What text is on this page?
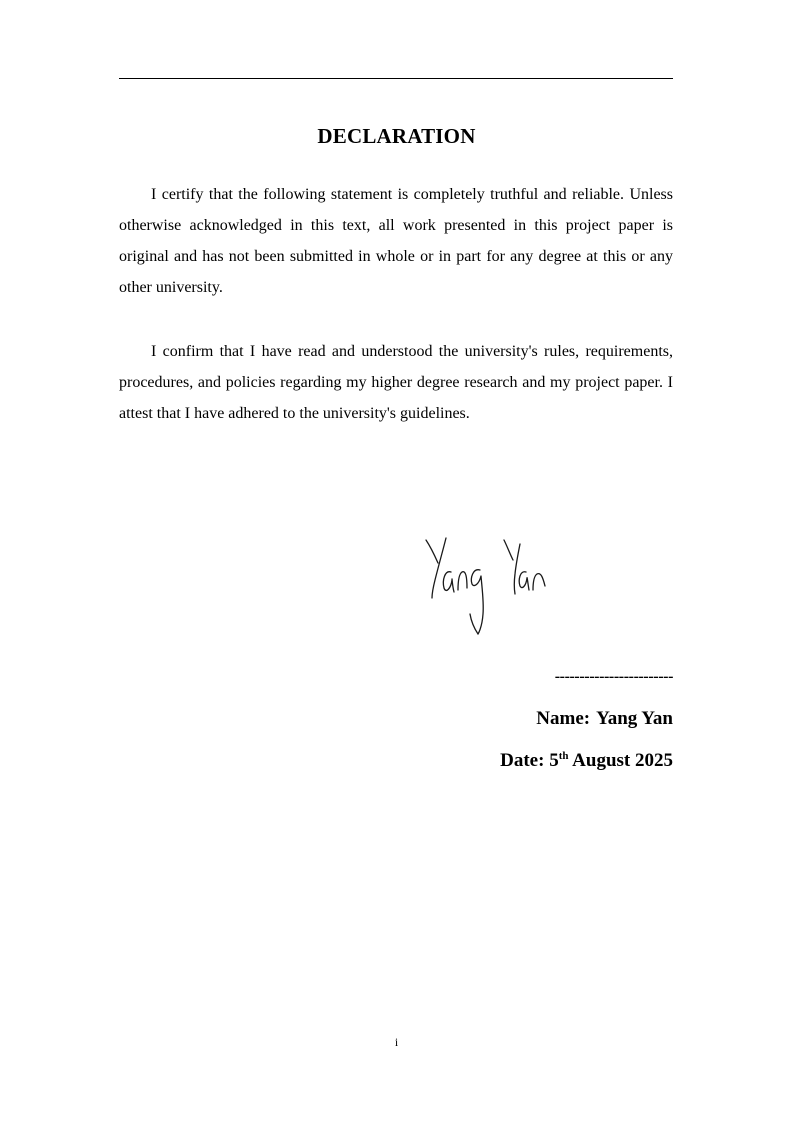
DECLARATION

I certify that the following statement is completely truthful and reliable. Unless otherwise acknowledged in this text, all work presented in this project paper is original and has not been submitted in whole or in part for any degree at this or any other university.

I confirm that I have read and understood the university's rules, requirements, procedures, and policies regarding my higher degree research and my project paper. I attest that I have adhered to the university's guidelines.

------------------------

Name: Yang Yan

Date: 5th August 2025

i
